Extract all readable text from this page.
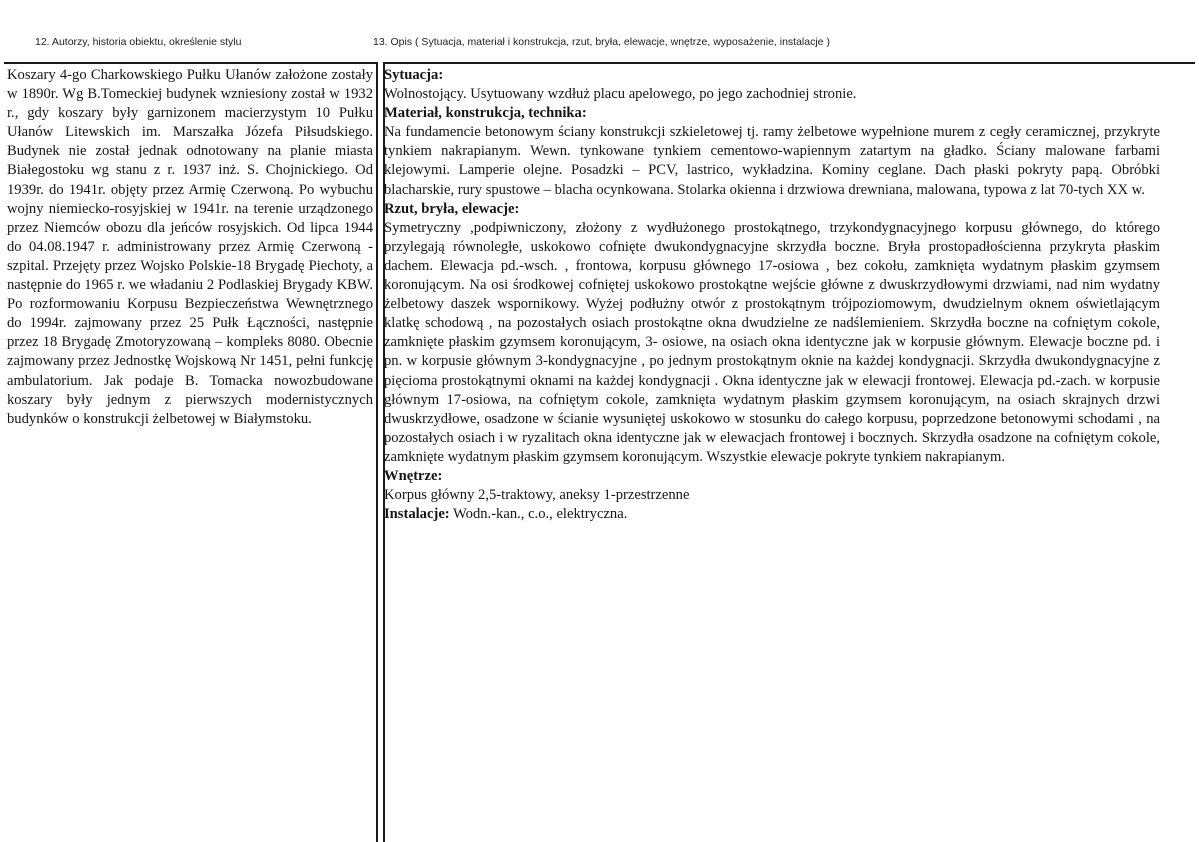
12. Autorzy, historia obiektu, określenie stylu	13. Opis ( Sytuacja, materiał i konstrukcja, rzut, bryła, elewacje, wnętrze, wyposażenie, instalacje )

Koszary 4-go Charkowskiego Pułku Ułanów założone zostały w 1890r. Wg B.Tomeckiej budynek wzniesiony został w 1932 r., gdy koszary były garnizonem macierzystym 10 Pułku Ułanów Litewskich im. Marszałka Józefa Piłsudskiego. Budynek nie został jednak odnotowany na planie miasta Białegostoku wg stanu z r. 1937 inż. S. Chojnickiego. Od 1939r. do 1941r. objęty przez Armię Czerwoną. Po wybuchu wojny niemiecko-rosyjskiej w 1941r. na terenie urządzonego przez Niemców obozu dla jeńców rosyjskich. Od lipca 1944 do 04.08.1947 r. administrowany przez Armię Czerwoną - szpital. Przejęty przez Wojsko Polskie-18 Brygadę Piechoty, a następnie do 1965 r. we władaniu 2 Podlaskiej Brygady KBW. Po rozformowaniu Korpusu Bezpieczeństwa Wewnętrznego do 1994r. zajmowany przez 25 Pułk Łączności, następnie przez 18 Brygadę Zmotoryzowaną – kompleks 8080. Obecnie zajmowany przez Jednostkę Wojskową Nr 1451, pełni funkcję ambulatorium. Jak podaje B. Tomacka nowozbudowane koszary były jednym z pierwszych modernistycznych budynków o konstrukcji żelbetowej w Białymstoku.

Sytuacja:

Wolnostojący. Usytuowany wzdłuż placu apelowego, po jego zachodniej stronie.

Materiał, konstrukcja, technika:

Na fundamencie betonowym ściany konstrukcji szkieletowej tj. ramy żelbetowe wypełnione murem z cegły ceramicznej, przykryte tynkiem nakrapianym. Wewn. tynkowane tynkiem cementowo-wapiennym zatartym na gładko. Ściany malowane farbami klejowymi. Lamperie olejne. Posadzki – PCV, lastrico, wykładzina. Kominy ceglane. Dach płaski pokryty papą. Obróbki blacharskie, rury spustowe – blacha ocynkowana. Stolarka okienna i drzwiowa drewniana, malowana, typowa z lat 70-tych XX w.

Rzut, bryła, elewacje:

Symetryczny ,podpiwniczony, złożony z wydłużonego prostokątnego, trzykondygnacyjnego korpusu głównego, do którego przylegają równoległe, uskokowo cofnięte dwukondygnacyjne skrzydła boczne. Bryła prostopadłościenna przykryta płaskim dachem. Elewacja pd.-wsch. , frontowa, korpusu głównego 17-osiowa , bez cokołu, zamknięta wydatnym płaskim gzymsem koronującym. Na osi środkowej cofniętej uskokowo prostokątne wejście główne z dwuskrzydłowymi drzwiami, nad nim wydatny żelbetowy daszek wspornikowy. Wyżej podłużny otwór z prostokątnym trójpoziomowym, dwudzielnym oknem oświetlającym klatkę schodową , na pozostałych osiach prostokątne okna dwudzielne ze nadślemieniem. Skrzydła boczne na cofniętym cokole, zamknięte płaskim gzymsem koronującym, 3- osiowe, na osiach okna identyczne jak w korpusie głównym. Elewacje boczne pd. i pn. w korpusie głównym 3-kondygnacyjne , po jednym prostokątnym oknie na każdej kondygnacji. Skrzydła dwukondygnacyjne z pięcioma prostokątnymi oknami na każdej kondygnacji . Okna identyczne jak w elewacji frontowej. Elewacja pd.-zach. w korpusie głównym 17-osiowa, na cofniętym cokole, zamknięta wydatnym płaskim gzymsem koronującym, na osiach skrajnych drzwi dwuskrzydłowe, osadzone w ścianie wysuniętej uskokowo w stosunku do całego korpusu, poprzedzone betonowymi schodami , na pozostałych osiach i w ryzalitach okna identyczne jak w elewacjach frontowej i bocznych. Skrzydła osadzone na cofniętym cokole, zamknięte wydatnym płaskim gzymsem koronującym. Wszystkie elewacje pokryte tynkiem nakrapianym.

Wnętrze:

Korpus główny 2,5-traktowy, aneksy 1-przestrzenne

Instalacje: Wodn.-kan., c.o., elektryczna.
